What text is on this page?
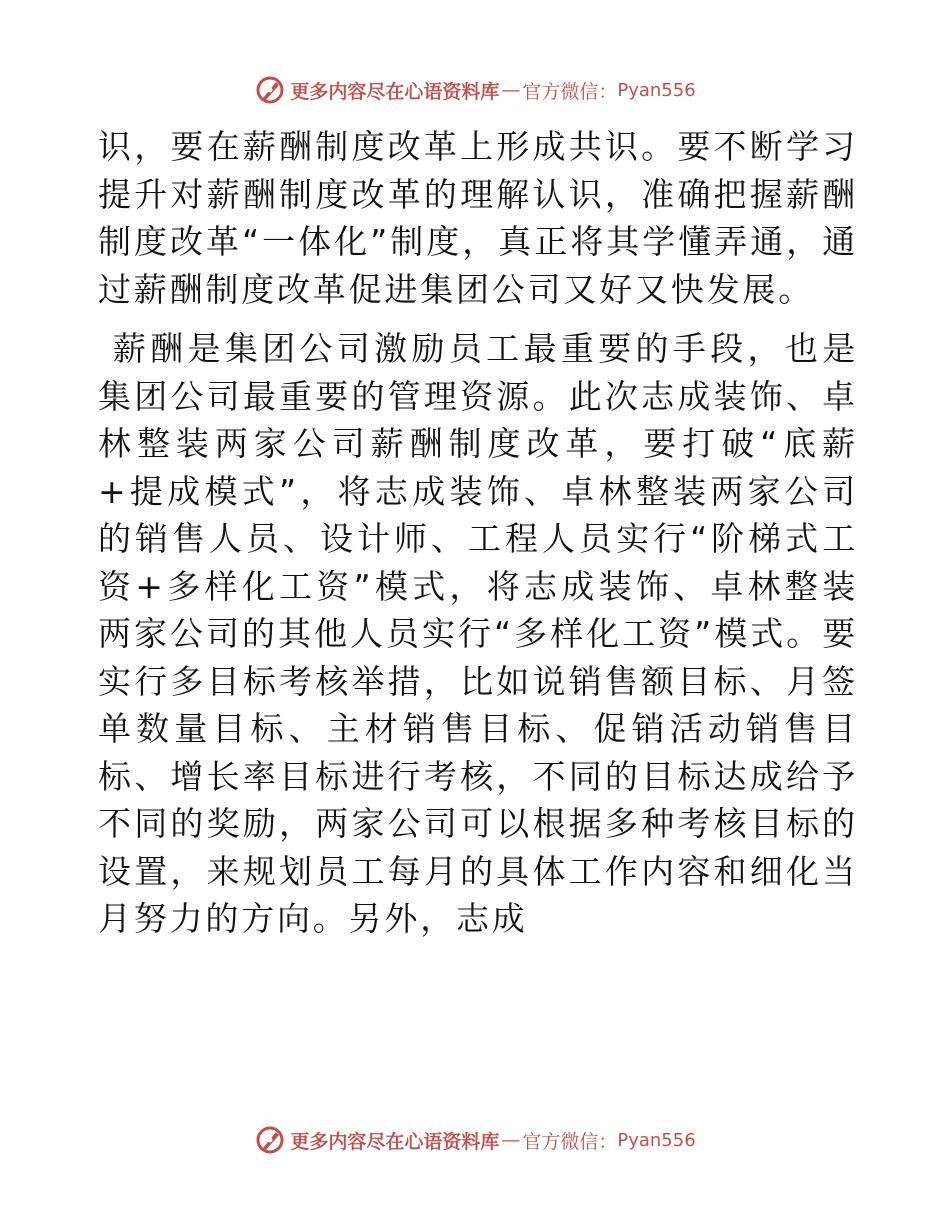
更多内容尽在心语资料库 — 官方微信： Pyan556

识，要在薪酬制度改革上形成共识。要不断学习提升对薪酬制度改革的理解认识，准确把握薪酬制度改革“一体化”制度，真正将其学懂弄通，通过薪酬制度改革促进集团公司又好又快发展。

薪酬是集团公司激励员工最重要的手段，也是集团公司最重要的管理资源。此次志成装饰、卓林整装两家公司薪酬制度改革，要打破“底薪+提成模式”，将志成装饰、卓林整装两家公司的销售人员、设计师、工程人员实行“阶梯式工资+多样化工资”模式，将志成装饰、卓林整装两家公司的其他人员实行“多样化工资”模式。要实行多目标考核举措，比如说销售额目标、月签单数量目标、主材销售目标、促销活动销售目标、增长率目标进行考核，不同的目标达成给予不同的奖励，两家公司可以根据多种考核目标的设置，来规划员工每月的具体工作内容和细化当月努力的方向。另外，志成

更多内容尽在心语资料库 — 官方微信： Pyan556
